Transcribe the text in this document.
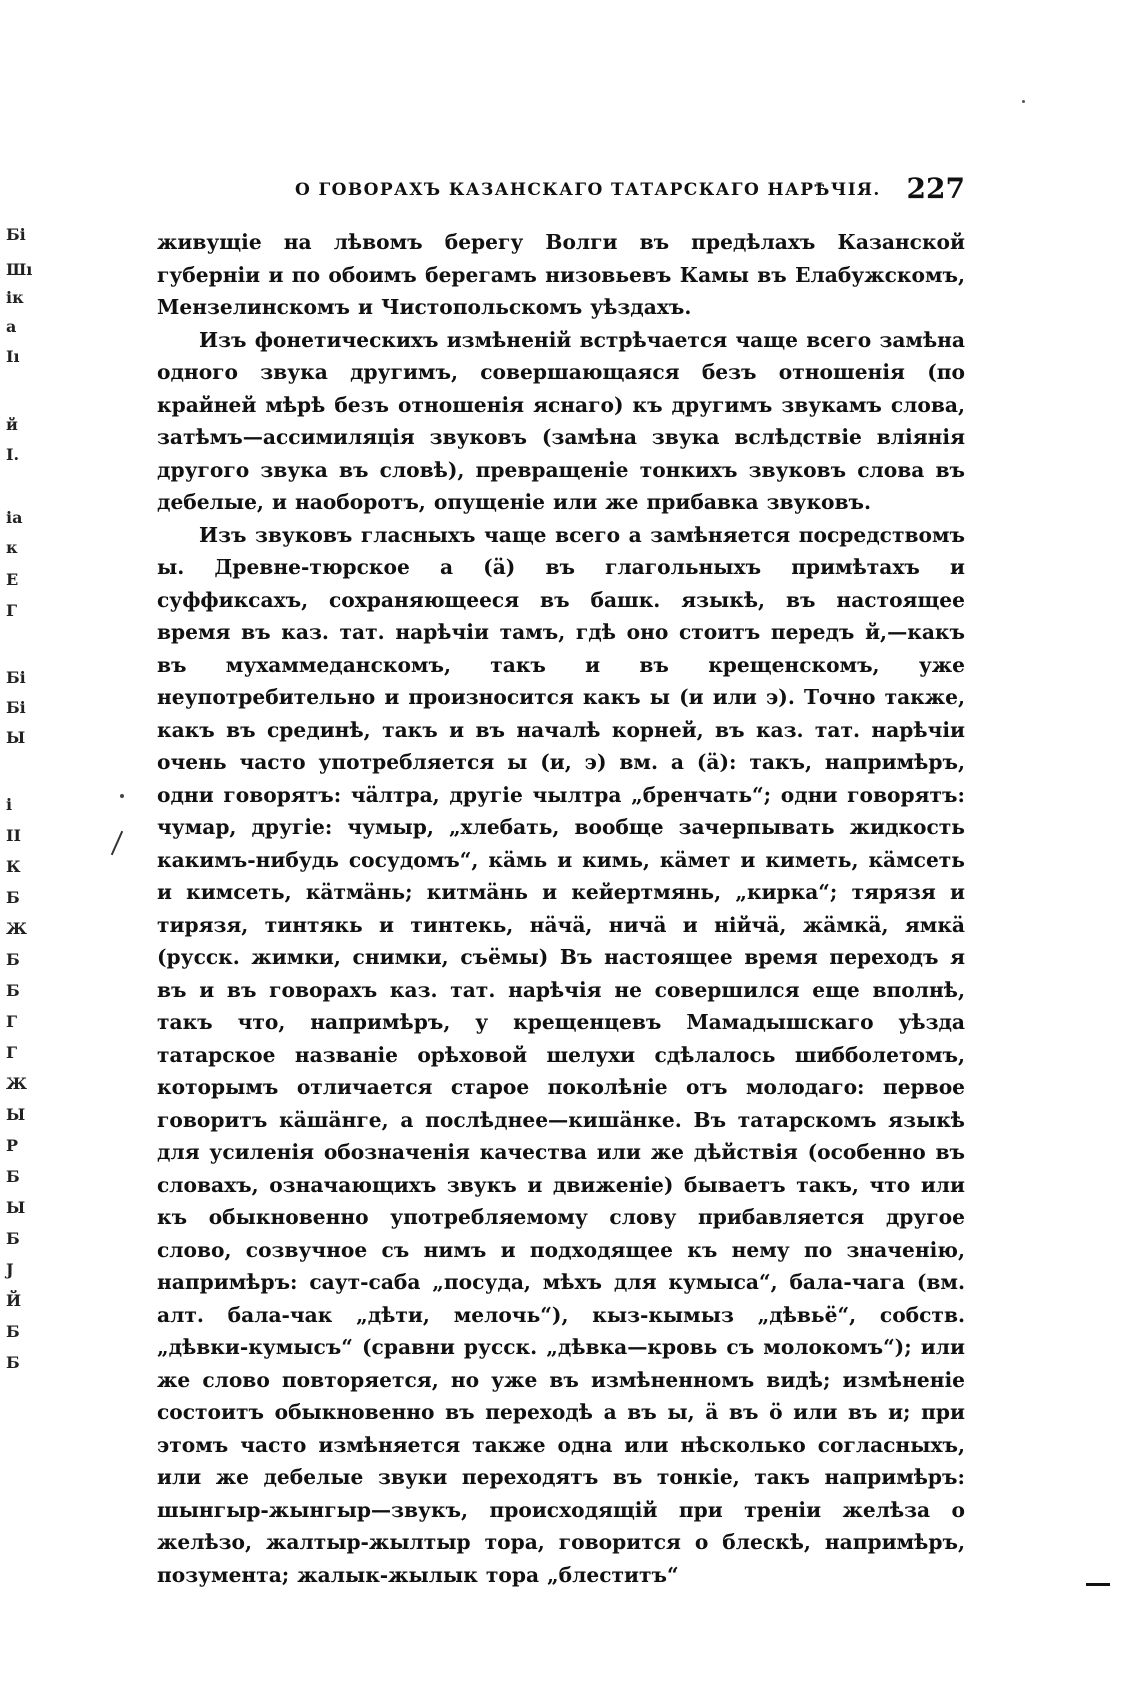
Бі
Шı
ік
а
Іı
й
І.
іа
к
Е
Г
Бі
Бі
Ы
і
ІІ
К
Б
Ж
Б
Б
Г
Г
Ж
Ы
Р
Б
Ы
Б
Ј
Й
Б
Б
О ГОВОРАХЪ КАЗАНСКАГО ТАТАРСКАГО НАРѢЧІЯ. 227

живущіе на лѣвомъ берегу Волги въ предѣлахъ Казанской губерніи и по обоимъ берегамъ низовьевъ Камы въ Елабужскомъ, Мензелинскомъ и Чистопольскомъ уѣздахъ.

Изъ фонетическихъ измѣненій встрѣчается чаще всего замѣна одного звука другимъ, совершающаяся безъ отношенія (по крайней мѣрѣ безъ отношенія яснаго) къ другимъ звукамъ слова, затѣмъ—ассимиляція звуковъ (замѣна звука вслѣдствіе вліянія другого звука въ словѣ), превращеніе тонкихъ звуковъ слова въ дебелые, и наоборотъ, опущеніе или же прибавка звуковъ.

Изъ звуковъ гласныхъ чаще всего а замѣняется посредствомъ ы. Древне-тюрское а (ä) въ глагольныхъ примѣтахъ и суффиксахъ, сохраняющееся въ башк. языкѣ, въ настоящее время въ каз. тат. нарѣчіи тамъ, гдѣ оно стоитъ передъ й,—какъ въ мухаммеданскомъ, такъ и въ крещенскомъ, уже неупотребительно и произносится какъ ы (и или э). Точно также, какъ въ срединѣ, такъ и въ началѣ корней, въ каз. тат. нарѣчіи очень часто употребляется ы (и, э) вм. а (ä): такъ, напримѣръ, одни говорятъ: чäлтра, другіе чылтра „бренчать“; одни говорятъ: чумар, другіе: чумыр, „хлебать, вообще зачерпывать жидкость какимъ-нибудь сосудомъ“, кäмь и кимь, кäмет и киметь, кäмсеть и кимсеть, кäтмäнь; китмäнь и кейертмянь, „кирка“; тярязя и тирязя, тинтякь и тинтекь, нäчä, ничä и нiйчä, жäмкä, ямкä (русск. жимки, снимки, съёмы) Въ настоящее время переходъ я въ и въ говорахъ каз. тат. нарѣчія не совершился еще вполнѣ, такъ что, напримѣръ, у крещенцевъ Мамадышскаго уѣзда татарское названіе орѣховой шелухи сдѣлалось шибболетомъ, которымъ отличается старое поколѣніе отъ молодаго: первое говоритъ кäшäнге, а послѣднее—кишäнке. Въ татарскомъ языкѣ для усиленія обозначенія качества или же дѣйствія (особенно въ словахъ, означающихъ звукъ и движеніе) бываетъ такъ, что или къ обыкновенно употребляемому слову прибавляется другое слово, созвучное съ нимъ и подходящее къ нему по значенію, напримѣръ: саут-саба „посуда, мѣхъ для кумыса“, бала-чага (вм. алт. бала-чак „дѣти, мелочь“), кыз-кымыз „дѣвьё“, собств. „дѣвки-кумысъ“ (сравни русск. „дѣвка—кровь съ молокомъ“); или же слово повторяется, но уже въ измѣненномъ видѣ; измѣненіе состоитъ обыкновенно въ переходѣ а въ ы, ä въ ö или въ и; при этомъ часто измѣняется также одна или нѣсколько согласныхъ, или же дебелые звуки переходятъ въ тонкіе, такъ напримѣръ: шынгыр-жынгыр—звукъ, происходящій при треніи желѣза о желѣзо, жалтыр-жылтыр тора, говорится о блескѣ, напримѣръ, позумента; жалык-жылык тора „блеститъ“
